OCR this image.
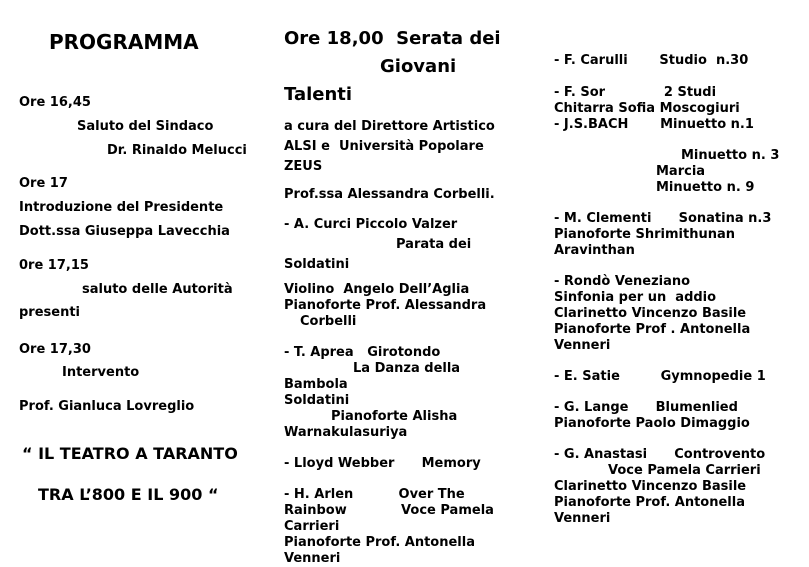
PROGRAMMA
Ore 16,45
Saluto del Sindaco
Dr. Rinaldo Melucci
Ore 17
Introduzione del Presidente
Dott.ssa Giuseppa Lavecchia
0re 17,15
saluto delle Autorità
presenti
Ore 17,30
Intervento
Prof. Gianluca Lovreglio
“ IL TEATRO A TARANTO
TRA L’800 E IL 900 “
Ore 18,00  Serata dei
Giovani
Talenti
a cura del Direttore Artistico
ALSI e  Università Popolare
ZEUS
Prof.ssa Alessandra Corbelli.
- A. Curci Piccolo Valzer
Parata dei
Soldatini
Violino  Angelo Dell’Aglia
Pianoforte Prof. Alessandra
Corbelli
- T. Aprea   Girotondo
La Danza della
Bambola
Soldatini
Pianoforte Alisha
Warnakulasuriya
- Lloyd Webber      Memory
- H. Arlen          Over The
Rainbow            Voce Pamela
Carrieri
Pianoforte Prof. Antonella
Venneri
- F. Carulli       Studio  n.30
- F. Sor             2 Studi
Chitarra Sofia Moscogiuri
- J.S.BACH       Minuetto n.1
Minuetto n. 3
Marcia
Minuetto n. 9
- M. Clementi      Sonatina n.3
Pianoforte Shrimithunan
Aravinthan
- Rondò Veneziano
Sinfonia per un  addio
Clarinetto Vincenzo Basile
Pianoforte Prof . Antonella
Venneri
- E. Satie         Gymnopedie 1
- G. Lange      Blumenlied
Pianoforte Paolo Dimaggio
- G. Anastasi      Controvento
Voce Pamela Carrieri
Clarinetto Vincenzo Basile
Pianoforte Prof. Antonella
Venneri
